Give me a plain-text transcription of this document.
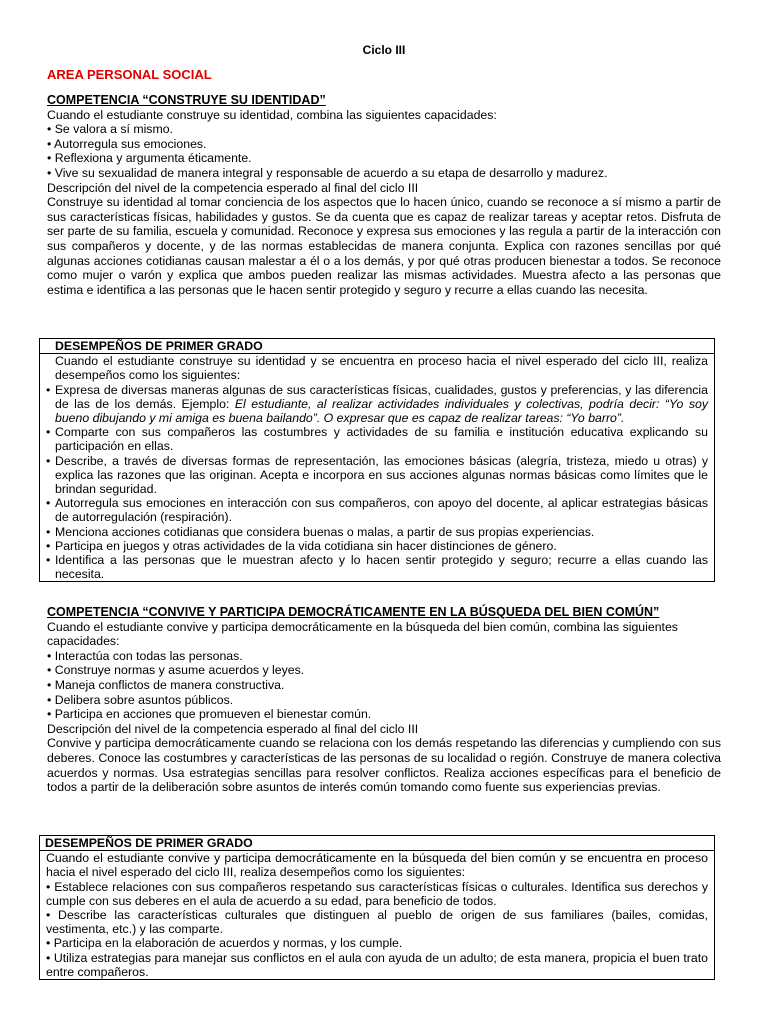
Ciclo III
AREA PERSONAL SOCIAL
COMPETENCIA “CONSTRUYE SU IDENTIDAD”
Cuando el estudiante construye su identidad, combina las siguientes capacidades:
• Se valora a sí mismo.
• Autorregula sus emociones.
• Reflexiona y argumenta éticamente.
• Vive su sexualidad de manera integral y responsable de acuerdo a su etapa de desarrollo y madurez.
Descripción del nivel de la competencia esperado al final del ciclo III
Construye su identidad al tomar conciencia de los aspectos que lo hacen único, cuando se reconoce a sí mismo a partir de sus características físicas, habilidades y gustos. Se da cuenta que es capaz de realizar tareas y aceptar retos. Disfruta de ser parte de su familia, escuela y comunidad. Reconoce y expresa sus emociones y las regula a partir de la interacción con sus compañeros y docente, y de las normas establecidas de manera conjunta. Explica con razones sencillas por qué algunas acciones cotidianas causan malestar a él o a los demás, y por qué otras producen bienestar a todos. Se reconoce como mujer o varón y explica que ambos pueden realizar las mismas actividades. Muestra afecto a las personas que estima e identifica a las personas que le hacen sentir protegido y seguro y recurre a ellas cuando las necesita.
DESEMPEÑOS DE PRIMER GRADO
Cuando el estudiante construye su identidad y se encuentra en proceso hacia el nivel esperado del ciclo III, realiza desempeños como los siguientes:
• Expresa de diversas maneras algunas de sus características físicas, cualidades, gustos y preferencias, y las diferencia de las de los demás. Ejemplo: El estudiante, al realizar actividades individuales y colectivas, podría decir: “Yo soy bueno dibujando y mi amiga es buena bailando”. O expresar que es capaz de realizar tareas: “Yo barro”.
• Comparte con sus compañeros las costumbres y actividades de su familia e institución educativa explicando su participación en ellas.
• Describe, a través de diversas formas de representación, las emociones básicas (alegría, tristeza, miedo u otras) y explica las razones que las originan. Acepta e incorpora en sus acciones algunas normas básicas como límites que le brindan seguridad.
• Autorregula sus emociones en interacción con sus compañeros, con apoyo del docente, al aplicar estrategias básicas de autorregulación (respiración).
• Menciona acciones cotidianas que considera buenas o malas, a partir de sus propias experiencias.
• Participa en juegos y otras actividades de la vida cotidiana sin hacer distinciones de género.
• Identifica a las personas que le muestran afecto y lo hacen sentir protegido y seguro; recurre a ellas cuando las necesita.
COMPETENCIA “CONVIVE Y PARTICIPA DEMOCRÁTICAMENTE EN LA BÚSQUEDA DEL BIEN COMÚN”
Cuando el estudiante convive y participa democráticamente en la búsqueda del bien común, combina las siguientes capacidades:
• Interactúa con todas las personas.
• Construye normas y asume acuerdos y leyes.
• Maneja conflictos de manera constructiva.
• Delibera sobre asuntos públicos.
• Participa en acciones que promueven el bienestar común.
Descripción del nivel de la competencia esperado al final del ciclo III
Convive y participa democráticamente cuando se relaciona con los demás respetando las diferencias y cumpliendo con sus deberes. Conoce las costumbres y características de las personas de su localidad o región. Construye de manera colectiva acuerdos y normas. Usa estrategias sencillas para resolver conflictos. Realiza acciones específicas para el beneficio de todos a partir de la deliberación sobre asuntos de interés común tomando como fuente sus experiencias previas.
DESEMPEÑOS DE PRIMER GRADO
Cuando el estudiante convive y participa democráticamente en la búsqueda del bien común y se encuentra en proceso hacia el nivel esperado del ciclo III, realiza desempeños como los siguientes:
• Establece relaciones con sus compañeros respetando sus características físicas o culturales. Identifica sus derechos y cumple con sus deberes en el aula de acuerdo a su edad, para beneficio de todos.
• Describe las características culturales que distinguen al pueblo de origen de sus familiares (bailes, comidas, vestimenta, etc.) y las comparte.
• Participa en la elaboración de acuerdos y normas, y los cumple.
• Utiliza estrategias para manejar sus conflictos en el aula con ayuda de un adulto; de esta manera, propicia el buen trato entre compañeros.
